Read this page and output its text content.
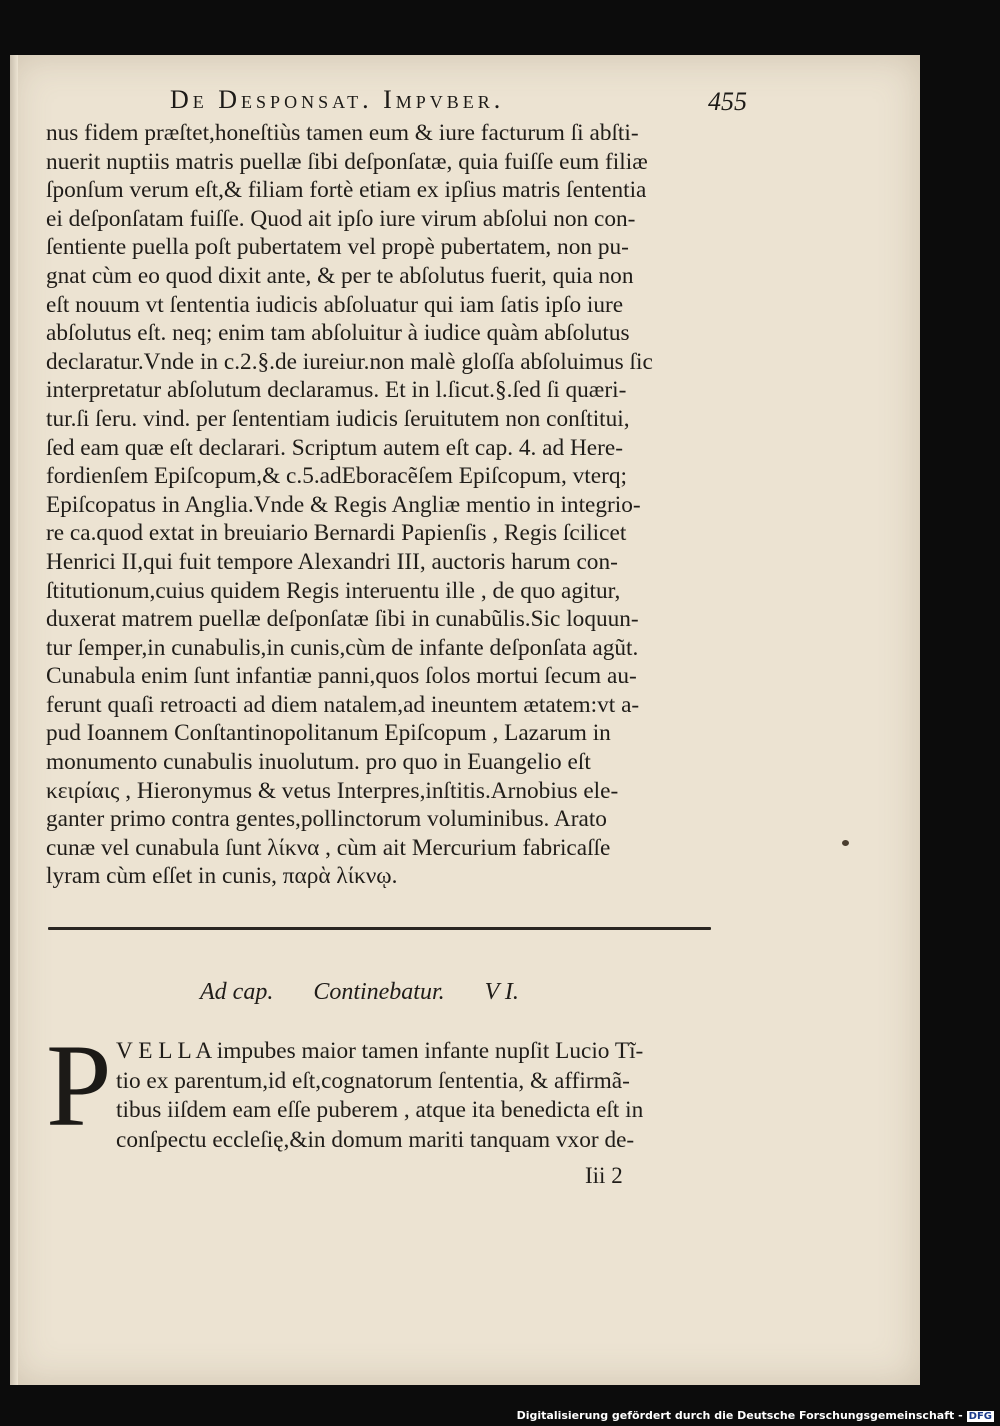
De Desponsat. Impvber.	455
nus fidem præſtet,honeſtiùs tamen eum & iure facturum ſi abſti-
nuerit nuptiis matris puellæ ſibi deſponſatæ, quia fuiſſe eum filiæ
ſponſum verum eſt,& filiam fortè etiam ex ipſius matris ſententia
ei deſponſatam fuiſſe. Quod ait ipſo iure virum abſolui non con-
ſentiente puella poſt pubertatem vel propè pubertatem, non pu-
gnat cùm eo quod dixit ante, & per te abſolutus fuerit, quia non
eſt nouum vt ſententia iudicis abſoluatur qui iam ſatis ipſo iure
abſolutus eſt. neq; enim tam abſoluitur à iudice quàm abſolutus
declaratur.Vnde in c.2.§.de iureiur.non malè gloſſa abſoluimus ſic
interpretatur abſolutum declaramus. Et in l.ſicut.§.ſed ſi quæri-
tur.ſi ſeru. vind. per ſententiam iudicis ſeruitutem non conſtitui,
ſed eam quæ eſt declarari. Scriptum autem eſt cap. 4. ad Here-
fordienſem Epiſcopum,& c.5.adEboracẽſem Epiſcopum, vterq;
Epiſcopatus in Anglia.Vnde & Regis Angliæ mentio in integrio-
re ca.quod extat in breuiario Bernardi Papienſis , Regis ſcilicet
Henrici II,qui fuit tempore Alexandri III, auctoris harum con-
ſtitutionum,cuius quidem Regis interuentu ille , de quo agitur,
duxerat matrem puellæ deſponſatæ ſibi in cunabũlis.Sic loquun-
tur ſemper,in cunabulis,in cunis,cùm de infante deſponſata agũt.
Cunabula enim ſunt infantiæ panni,quos ſolos mortui ſecum au-
ferunt quaſi retroacti ad diem natalem,ad ineuntem ætatem:vt a-
pud Ioannem Conſtantinopolitanum Epiſcopum , Lazarum in
monumento cunabulis inuolutum. pro quo in Euangelio eſt
κειρίαις , Hieronymus & vetus Interpres,inſtitis.Arnobius ele-
ganter primo contra gentes,pollinctorum voluminibus. Arato
cunæ vel cunabula ſunt λίκνα , cùm ait Mercurium fabricaſſe
lyram cùm eſſet in cunis, παρὰ λίκνῳ.
Ad cap. Continebatur. V I.
P V E L L A impubes maior tamen infante nupſit Lucio Tĩ-
tio ex parentum,id eſt,cognatorum ſententia, & affirmã-
tibus iiſdem eam eſſe puberem , atque ita benedicta eſt in
conſpectu eccleſię,&in domum mariti tanquam vxor de-
Iii 2
Digitalisierung gefördert durch die Deutsche Forschungsgemeinschaft - DFG
